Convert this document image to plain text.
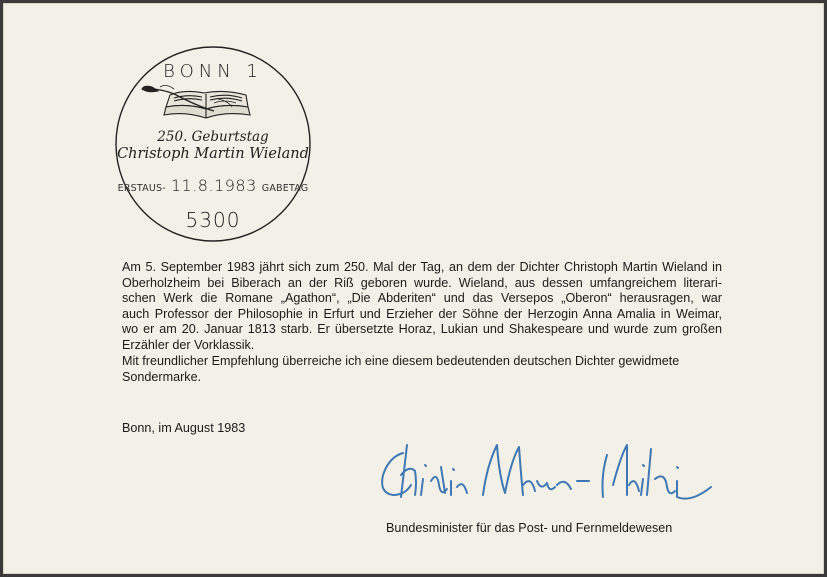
BONN 1
250. Geburtstag
Christoph Martin Wieland
ERSTAUS- 11.8.1983 GABETAG
5300
Am 5. September 1983 jährt sich zum 250. Mal der Tag, an dem der Dichter Christoph Martin Wieland in
Oberholzheim bei Biberach an der Riß geboren wurde. Wieland, aus dessen umfangreichem literari-
schen Werk die Romane „Agathon“, „Die Abderiten“ und das Versepos „Oberon“ herausragen, war
auch Professor der Philosophie in Erfurt und Erzieher der Söhne der Herzogin Anna Amalia in Weimar,
wo er am 20. Januar 1813 starb. Er übersetzte Horaz, Lukian und Shakespeare und wurde zum großen
Erzähler der Vorklassik.
Mit freundlicher Empfehlung überreiche ich eine diesem bedeutenden deutschen Dichter gewidmete
Sondermarke.
Bonn, im August 1983
Bundesminister für das Post- und Fernmeldewesen
